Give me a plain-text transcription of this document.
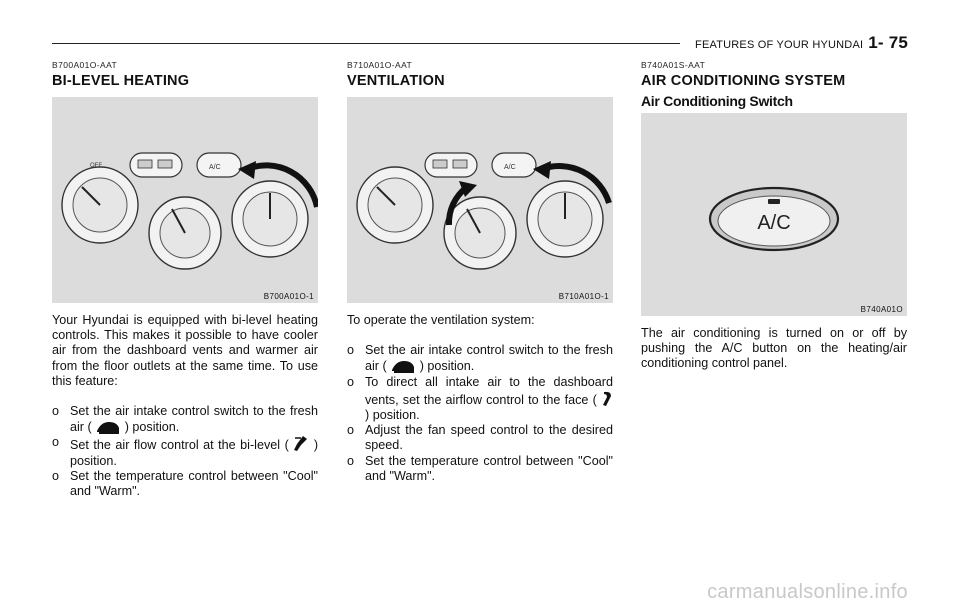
FEATURES OF YOUR HYUNDAI 1- 75
B700A01O-AAT
BI-LEVEL HEATING
OFF	A/C
B700A01O-1
Your Hyundai is equipped with bi-level heating controls. This makes it possible to have cooler air from the dashboard vents and warmer air from the floor outlets at the same time. To use this feature:
o Set the air intake control switch to the fresh air (	) position.
o Set the air flow control at the bi-level ( ) position.
o Set the temperature control between "Cool" and "Warm".
B710A01O-AAT
VENTILATION
A/C
B710A01O-1
To operate the ventilation system:
o Set the air intake control switch to the fresh air (	) position.
o To direct all intake air to the dashboard vents, set the airflow control to the face (  ) position.
o Adjust the fan speed control to the desired speed.
o Set the temperature control between "Cool" and "Warm".
B740A01S-AAT
AIR CONDITIONING SYSTEM
Air Conditioning Switch
A/C
B740A01O
The air conditioning is turned on or off by pushing the A/C button on the heating/air conditioning control panel.
carmanualsonline.info
